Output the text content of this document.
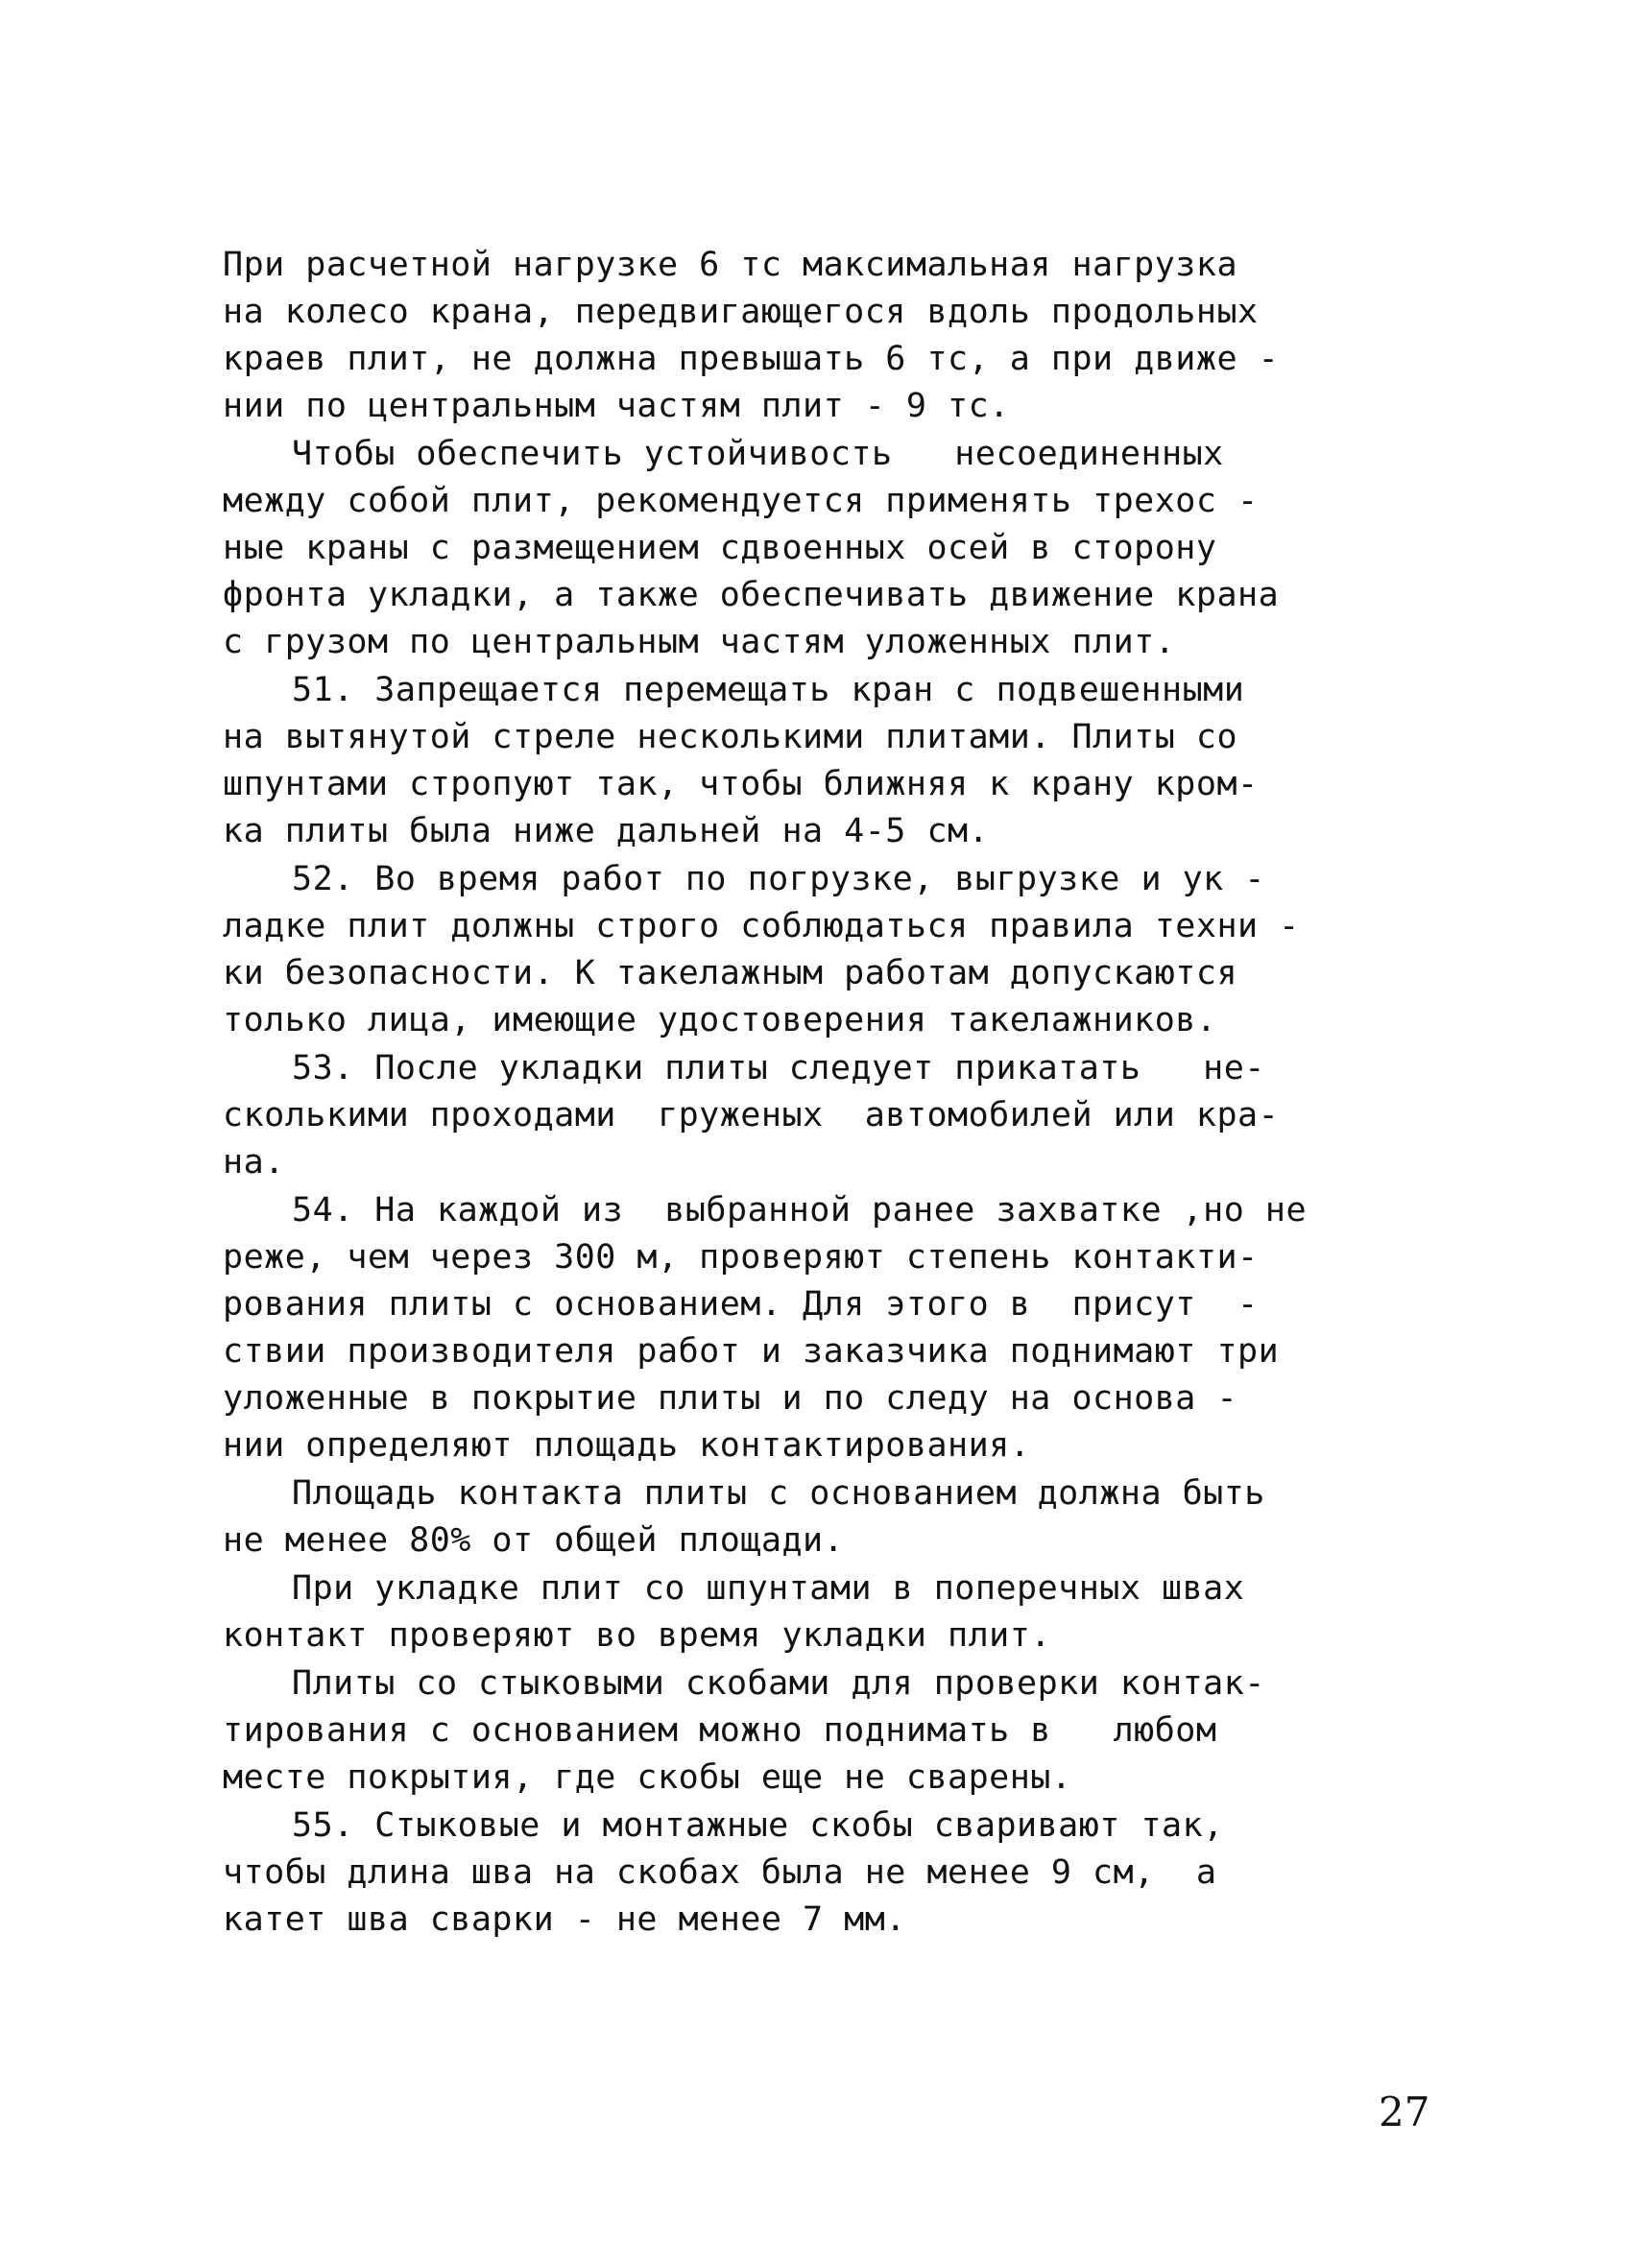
При расчетной нагрузке 6 тс максимальная нагрузка
на колесо крана, передвигающегося вдоль продольных
краев плит, не должна превышать 6 тс, а при движе -
нии по центральным частям плит - 9 тс.
Чтобы обеспечить устойчивость   несоединенных
между собой плит, рекомендуется применять трехос -
ные краны с размещением сдвоенных осей в сторону
фронта укладки, а также обеспечивать движение крана
с грузом по центральным частям уложенных плит.
51. Запрещается перемещать кран с подвешенными
на вытянутой стреле несколькими плитами. Плиты со
шпунтами стропуют так, чтобы ближняя к крану кром-
ка плиты была ниже дальней на 4-5 см.
52. Во время работ по погрузке, выгрузке и ук -
ладке плит должны строго соблюдаться правила техни -
ки безопасности. К такелажным работам допускаются
только лица, имеющие удостоверения такелажников.
53. После укладки плиты следует прикатать   не-
сколькими проходами  груженых  автомобилей или кра-
на.
54. На каждой из  выбранной ранее захватке ,но не
реже, чем через 300 м, проверяют степень контакти-
рования плиты с основанием. Для этого в  присут  -
ствии производителя работ и заказчика поднимают три
уложенные в покрытие плиты и по следу на основа -
нии определяют площадь контактирования.
Площадь контакта плиты с основанием должна быть
не менее 80% от общей площади.
При укладке плит со шпунтами в поперечных швах
контакт проверяют во время укладки плит.
Плиты со стыковыми скобами для проверки контак-
тирования с основанием можно поднимать в   любом
месте покрытия, где скобы еще не сварены.
55. Стыковые и монтажные скобы сваривают так,
чтобы длина шва на скобах была не менее 9 см,  а
катет шва сварки - не менее 7 мм.
27
